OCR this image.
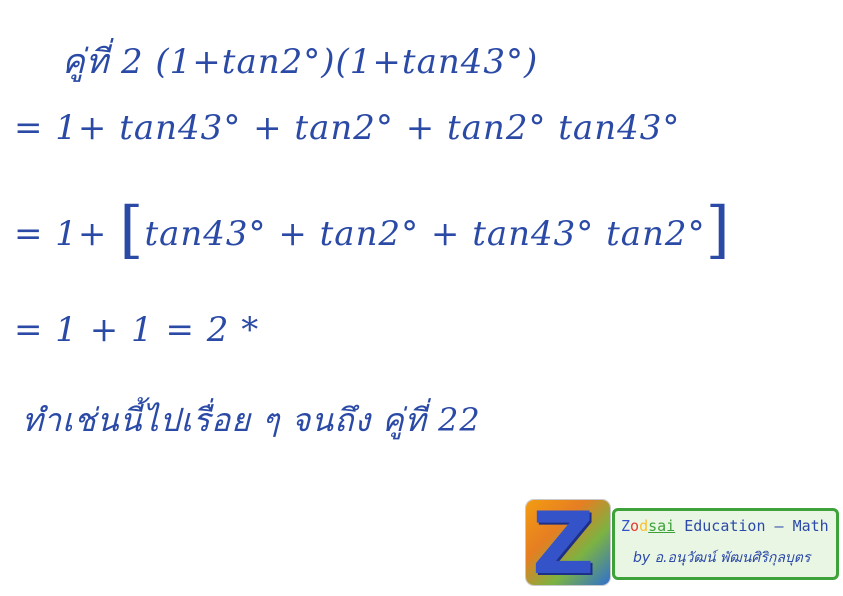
คู่ที่ 2 (1+tan2°)(1+tan43°)
= 1+ tan43° + tan2° + tan2° tan43°
= 1+ [tan43° + tan2° + tan43° tan2°]
= 1 + 1 = 2 *
ทำเช่นนี้ไปเรื่อย ๆ จนถึง คู่ที่ 22
Z Zodsai Education – Math
by อ.อนุวัฒน์ พัฒนศิริกุลบุตร
